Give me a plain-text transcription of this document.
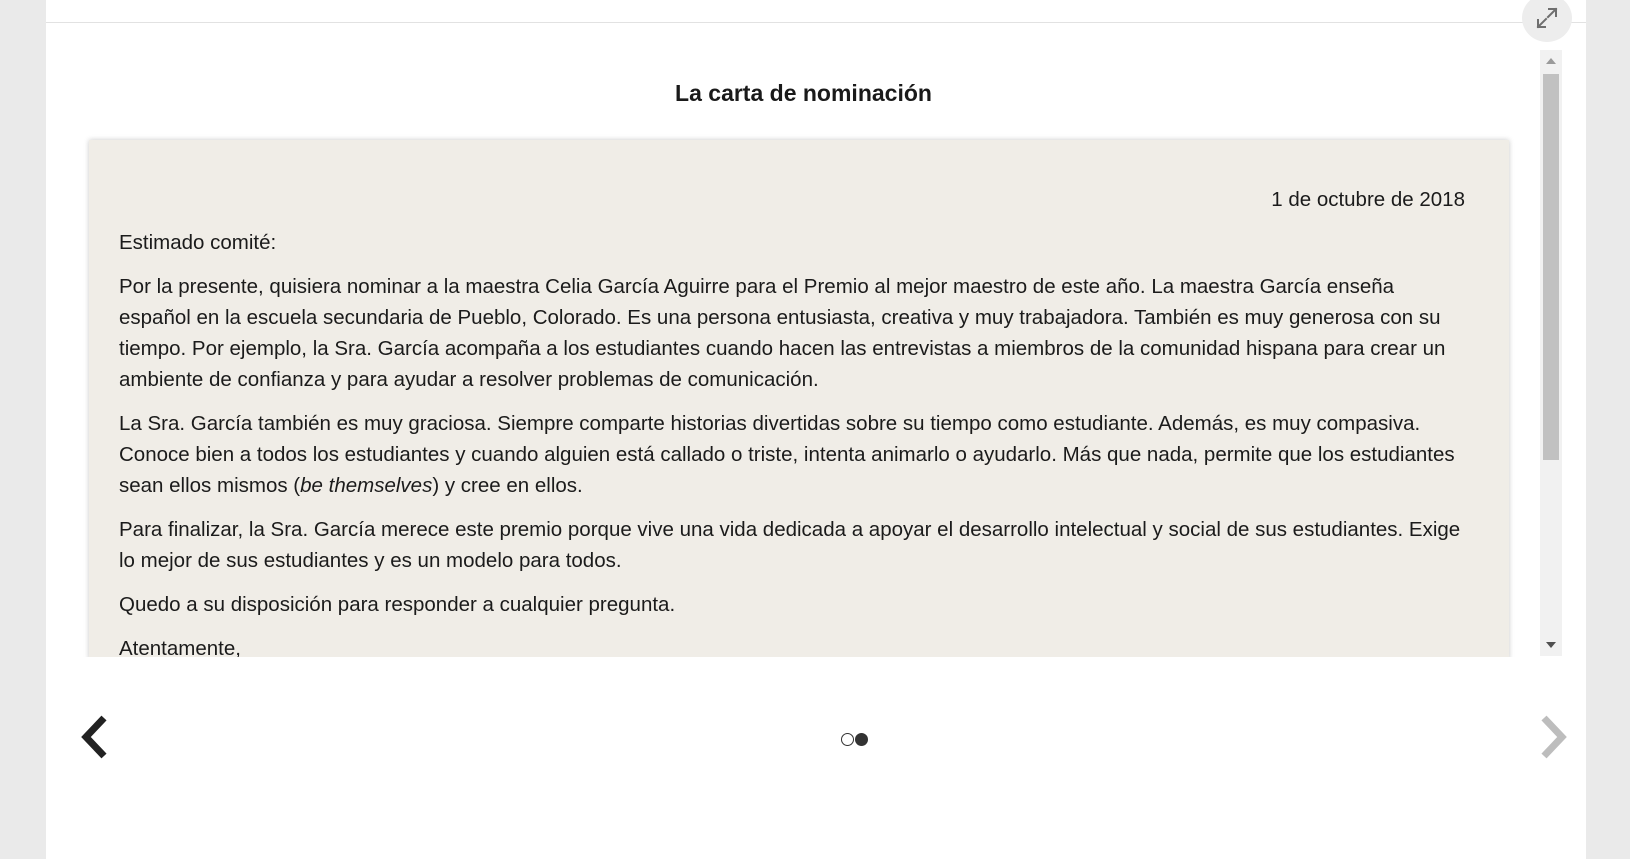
La carta de nominación

1 de octubre de 2018

Estimado comité:

Por la presente, quisiera nominar a la maestra Celia García Aguirre para el Premio al mejor maestro de este año. La maestra García enseña español en la escuela secundaria de Pueblo, Colorado. Es una persona entusiasta, creativa y muy trabajadora. También es muy generosa con su tiempo. Por ejemplo, la Sra. García acompaña a los estudiantes cuando hacen las entrevistas a miembros de la comunidad hispana para crear un ambiente de confianza y para ayudar a resolver problemas de comunicación.

La Sra. García también es muy graciosa. Siempre comparte historias divertidas sobre su tiempo como estudiante. Además, es muy compasiva. Conoce bien a todos los estudiantes y cuando alguien está callado o triste, intenta animarlo o ayudarlo. Más que nada, permite que los estudiantes sean ellos mismos (be themselves) y cree en ellos.

Para finalizar, la Sra. García merece este premio porque vive una vida dedicada a apoyar el desarrollo intelectual y social de sus estudiantes. Exige lo mejor de sus estudiantes y es un modelo para todos.

Quedo a su disposición para responder a cualquier pregunta.

Atentamente,
